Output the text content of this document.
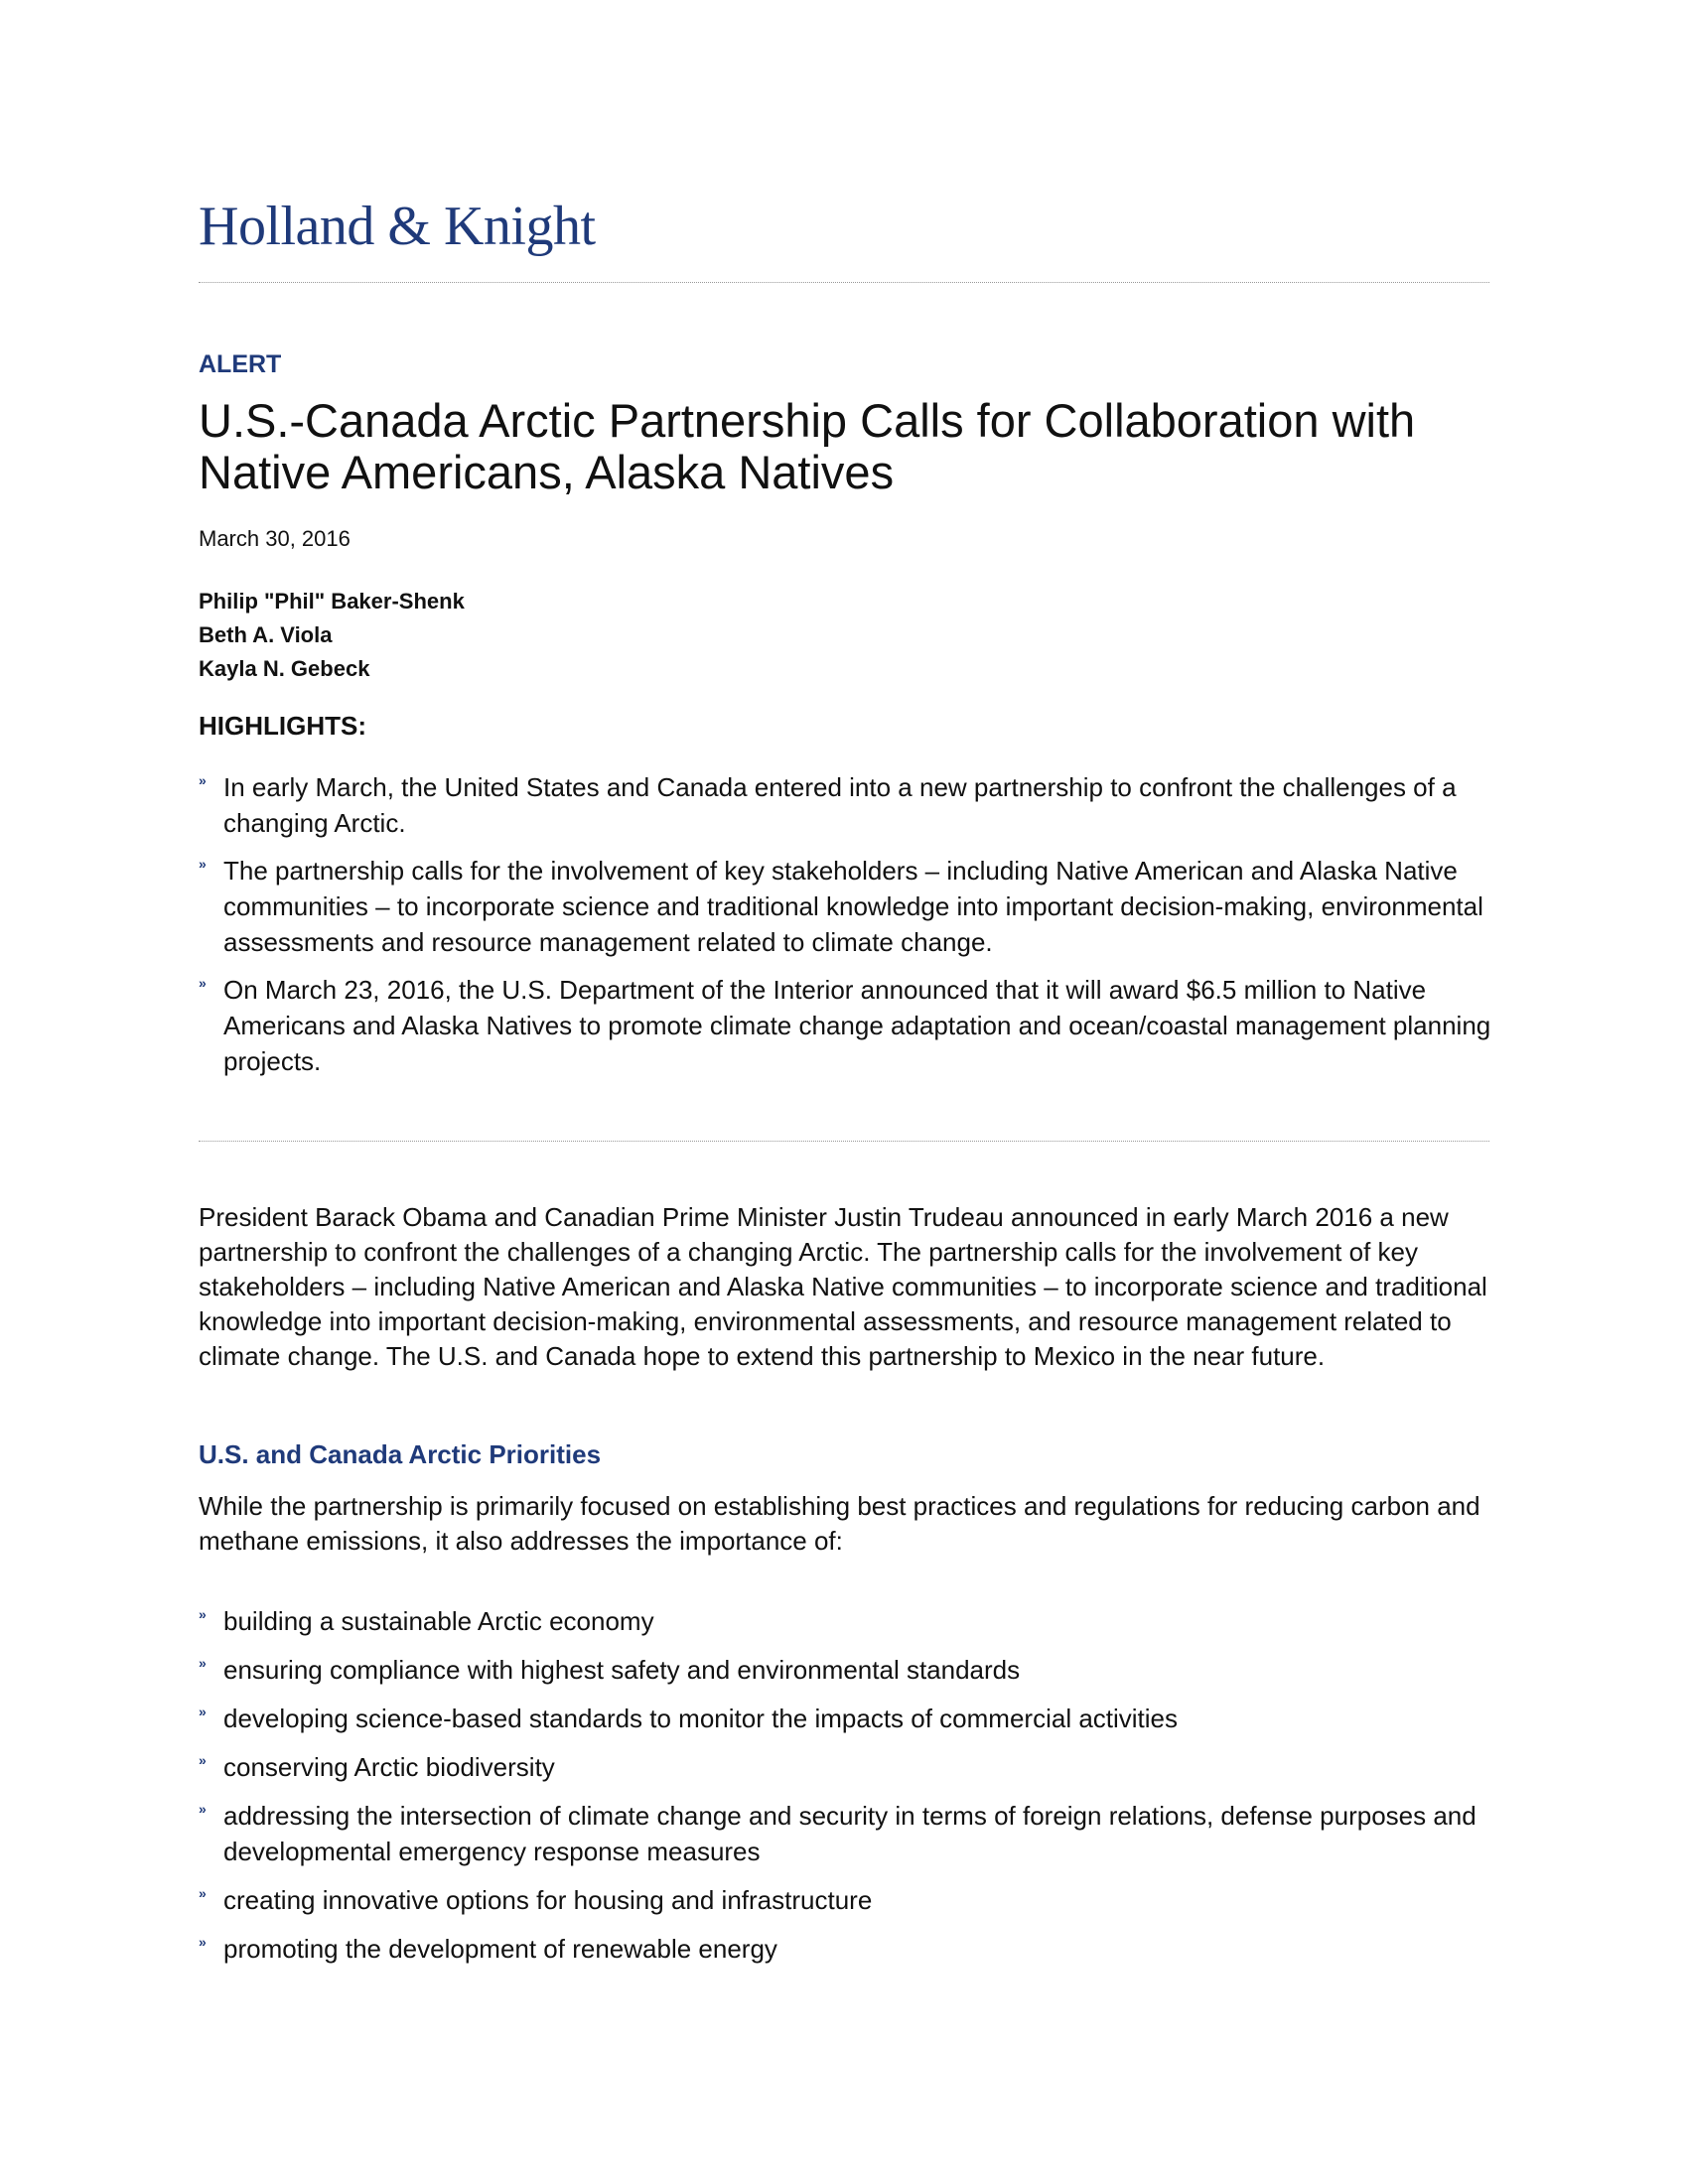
Holland & Knight
ALERT
U.S.-Canada Arctic Partnership Calls for Collaboration with Native Americans, Alaska Natives
March 30, 2016
Philip "Phil" Baker-Shenk
Beth A. Viola
Kayla N. Gebeck
HIGHLIGHTS:
» In early March, the United States and Canada entered into a new partnership to confront the challenges of a changing Arctic.
» The partnership calls for the involvement of key stakeholders – including Native American and Alaska Native communities – to incorporate science and traditional knowledge into important decision-making, environmental assessments and resource management related to climate change.
» On March 23, 2016, the U.S. Department of the Interior announced that it will award $6.5 million to Native Americans and Alaska Natives to promote climate change adaptation and ocean/coastal management planning projects.

President Barack Obama and Canadian Prime Minister Justin Trudeau announced in early March 2016 a new partnership to confront the challenges of a changing Arctic. The partnership calls for the involvement of key stakeholders – including Native American and Alaska Native communities – to incorporate science and traditional knowledge into important decision-making, environmental assessments, and resource management related to climate change. The U.S. and Canada hope to extend this partnership to Mexico in the near future.

U.S. and Canada Arctic Priorities

While the partnership is primarily focused on establishing best practices and regulations for reducing carbon and methane emissions, it also addresses the importance of:

» building a sustainable Arctic economy
» ensuring compliance with highest safety and environmental standards
» developing science-based standards to monitor the impacts of commercial activities
» conserving Arctic biodiversity
» addressing the intersection of climate change and security in terms of foreign relations, defense purposes and developmental emergency response measures
» creating innovative options for housing and infrastructure
» promoting the development of renewable energy
